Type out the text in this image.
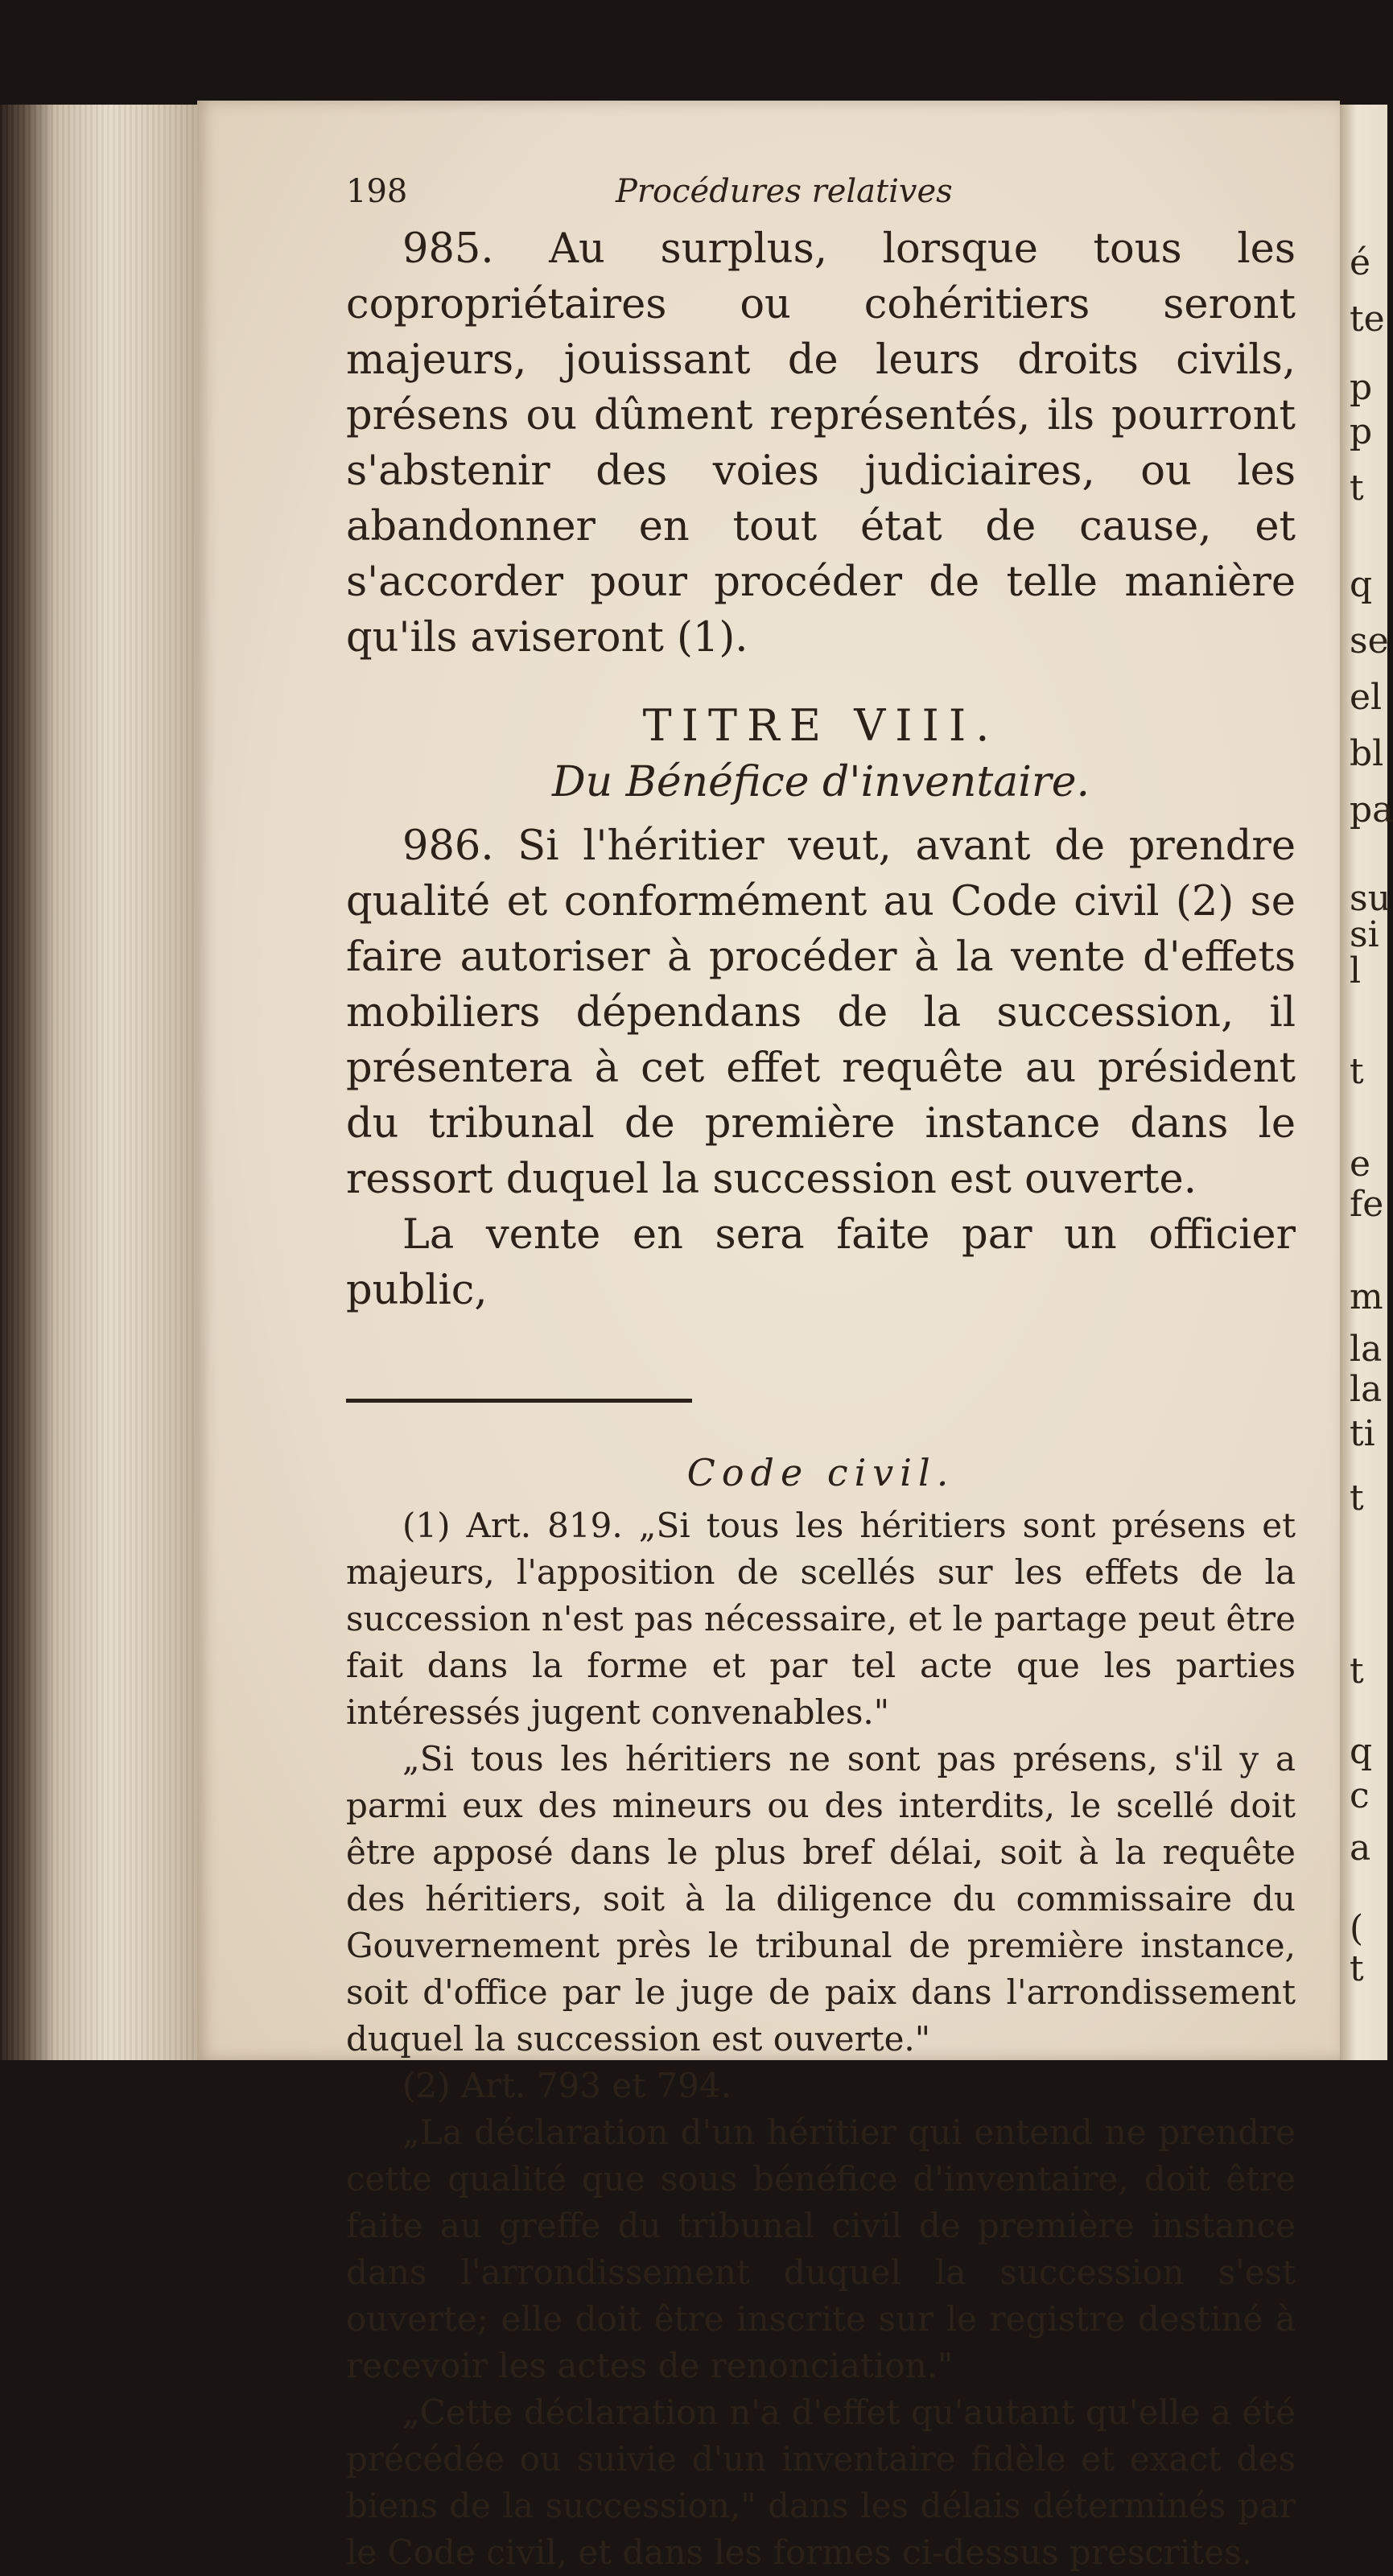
é
te
p
p
t
q
se
el
bl
pa
su
si
l
t
e
fe
m
la
la
ti
t
t
q
c
a
(
t
198	Procédures relatives

985. Au surplus, lorsque tous les copropriétaires ou cohéritiers seront majeurs, jouissant de leurs droits civils, présens ou dûment représentés, ils pourront s'abstenir des voies judiciaires, ou les abandonner en tout état de cause, et s'accorder pour procéder de telle manière qu'ils aviseront (1).

TITRE VIII.
Du Bénéfice d'inventaire.

986. Si l'héritier veut, avant de prendre qualité et conformément au Code civil (2) se faire autoriser à procéder à la vente d'effets mobiliers dépendans de la succession, il présentera à cet effet requête au président du tribunal de première instance dans le ressort duquel la succession est ouverte.

La vente en sera faite par un officier public,

Code civil.

(1) Art. 819. „Si tous les héritiers sont présens et majeurs, l'apposition de scellés sur les effets de la succession n'est pas nécessaire, et le partage peut être fait dans la forme et par tel acte que les parties intéressés jugent convenables."

„Si tous les héritiers ne sont pas présens, s'il y a parmi eux des mineurs ou des interdits, le scellé doit être apposé dans le plus bref délai, soit à la requête des héritiers, soit à la diligence du commissaire du Gouvernement près le tribunal de première instance, soit d'office par le juge de paix dans l'arrondissement duquel la succession est ouverte."

(2) Art. 793 et 794.

„La déclaration d'un héritier qui entend ne prendre cette qualité que sous bénéfice d'inventaire, doit être faite au greffe du tribunal civil de première instance dans l'arrondissement duquel la succession s'est ouverte; elle doit être inscrite sur le registre destiné à recevoir les actes de renonciation."

„Cette déclaration n'a d'effet qu'autant qu'elle a été précédée ou suivie d'un inventaire fidèle et exact des biens de la succession," dans les délais déterminés par le Code civil, et dans les formes ci-dessus prescrites.
